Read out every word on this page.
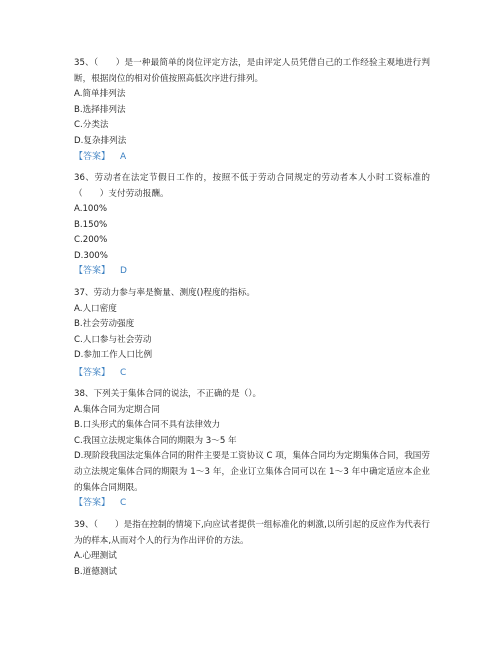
35、（　　）是一种最简单的岗位评定方法，是由评定人员凭借自己的工作经验主观地进行判断，根据岗位的相对价值按照高低次序进行排列。
A.简单排列法
B.选择排列法
C.分类法
D.复杂排列法
【答案】 A
36、劳动者在法定节假日工作的，按照不低于劳动合同规定的劳动者本人小时工资标准的（　　）支付劳动报酬。
A.100%
B.150%
C.200%
D.300%
【答案】 D
37、劳动力参与率是衡量、测度()程度的指标。
A.人口密度
B.社会劳动强度
C.人口参与社会劳动
D.参加工作人口比例
【答案】 C
38、下列关于集体合同的说法，不正确的是（）。
A.集体合同为定期合同
B.口头形式的集体合同不具有法律效力
C.我国立法规定集体合同的期限为 3～5 年
D.现阶段我国法定集体合同的附件主要是工资协议 C 项，集体合同均为定期集体合同，我国劳动立法规定集体合同的期限为 1～3 年，企业订立集体合同可以在 1～3 年中确定适应本企业的集体合同期限。
【答案】 C
39、（　　）是指在控制的情境下,向应试者提供一组标准化的刺激,以所引起的反应作为代表行为的样本,从而对个人的行为作出评价的方法。
A.心理测试
B.道德测试
